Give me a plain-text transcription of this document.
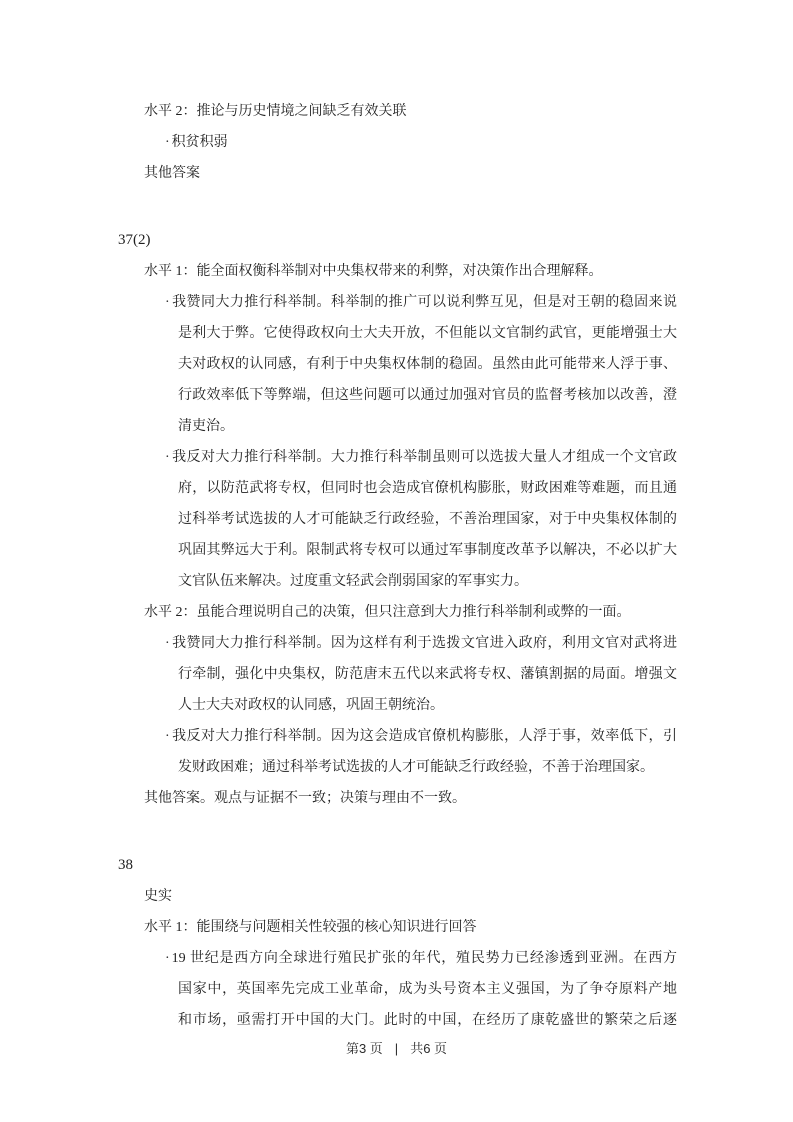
水平 2：推论与历史情境之间缺乏有效关联
· 积贫积弱
其他答案
37(2)
水平 1：能全面权衡科举制对中央集权带来的利弊，对决策作出合理解释。
· 我赞同大力推行科举制。科举制的推广可以说利弊互见，但是对王朝的稳固来说
是利大于弊。它使得政权向士大夫开放，不但能以文官制约武官，更能增强士大
夫对政权的认同感，有利于中央集权体制的稳固。虽然由此可能带来人浮于事、
行政效率低下等弊端，但这些问题可以通过加强对官员的监督考核加以改善，澄
清吏治。
· 我反对大力推行科举制。大力推行科举制虽则可以选拔大量人才组成一个文官政
府，以防范武将专权，但同时也会造成官僚机构膨胀，财政困难等难题，而且通
过科举考试选拔的人才可能缺乏行政经验，不善治理国家，对于中央集权体制的
巩固其弊远大于利。限制武将专权可以通过军事制度改革予以解决，不必以扩大
文官队伍来解决。过度重文轻武会削弱国家的军事实力。
水平 2：虽能合理说明自己的决策，但只注意到大力推行科举制利或弊的一面。
· 我赞同大力推行科举制。因为这样有利于选拨文官进入政府，利用文官对武将进
行牵制，强化中央集权，防范唐末五代以来武将专权、藩镇割据的局面。增强文
人士大夫对政权的认同感，巩固王朝统治。
· 我反对大力推行科举制。因为这会造成官僚机构膨胀，人浮于事，效率低下，引
发财政困难；通过科举考试选拔的人才可能缺乏行政经验，不善于治理国家。
其他答案。观点与证据不一致；决策与理由不一致。
38
史实
水平 1：能围绕与问题相关性较强的核心知识进行回答
· 19 世纪是西方向全球进行殖民扩张的年代，殖民势力已经渗透到亚洲。在西方
国家中，英国率先完成工业革命，成为头号资本主义强国，为了争夺原料产地
和市场，亟需打开中国的大门。此时的中国，在经历了康乾盛世的繁荣之后逐
第3 页 | 共6 页
